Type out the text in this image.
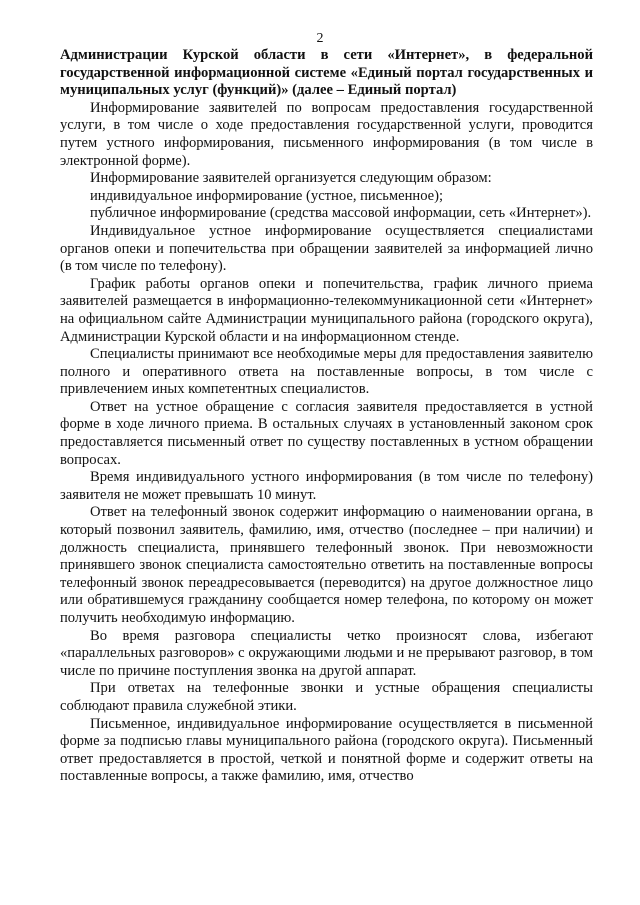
2

Администрации Курской области в сети «Интернет», в федеральной государственной информационной системе «Единый портал государственных и муниципальных услуг (функций)» (далее – Единый портал)

Информирование заявителей по вопросам предоставления государственной услуги, в том числе о ходе предоставления государственной услуги, проводится путем устного информирования, письменного информирования (в том числе в электронной форме).

Информирование заявителей организуется следующим образом:

индивидуальное информирование (устное, письменное);

публичное информирование (средства массовой информации, сеть «Интернет»).

Индивидуальное устное информирование осуществляется специалистами органов опеки и попечительства при обращении заявителей за информацией лично (в том числе по телефону).

График работы органов опеки и попечительства, график личного приема заявителей размещается в информационно-телекоммуникационной сети «Интернет» на официальном сайте Администрации муниципального района (городского округа), Администрации Курской области и на информационном стенде.

Специалисты принимают все необходимые меры для предоставления заявителю полного и оперативного ответа на поставленные вопросы, в том числе с привлечением иных компетентных специалистов.

Ответ на устное обращение с согласия заявителя предоставляется в устной форме в ходе личного приема. В остальных случаях в установленный законом срок предоставляется письменный ответ по существу поставленных в устном обращении вопросах.

Время индивидуального устного информирования (в том числе по телефону) заявителя не может превышать 10 минут.

Ответ на телефонный звонок содержит информацию о наименовании органа, в который позвонил заявитель, фамилию, имя, отчество (последнее – при наличии) и должность специалиста, принявшего телефонный звонок. При невозможности принявшего звонок специалиста самостоятельно ответить на поставленные вопросы телефонный звонок переадресовывается (переводится) на другое должностное лицо или обратившемуся гражданину сообщается номер телефона, по которому он может получить необходимую информацию.

Во время разговора специалисты четко произносят слова, избегают «параллельных разговоров» с окружающими людьми и не прерывают разговор, в том числе по причине поступления звонка на другой аппарат.

При ответах на телефонные звонки и устные обращения специалисты соблюдают правила служебной этики.

Письменное, индивидуальное информирование осуществляется в письменной форме за подписью главы муниципального района (городского округа). Письменный ответ предоставляется в простой, четкой и понятной форме и содержит ответы на поставленные вопросы, а также фамилию, имя, отчество
